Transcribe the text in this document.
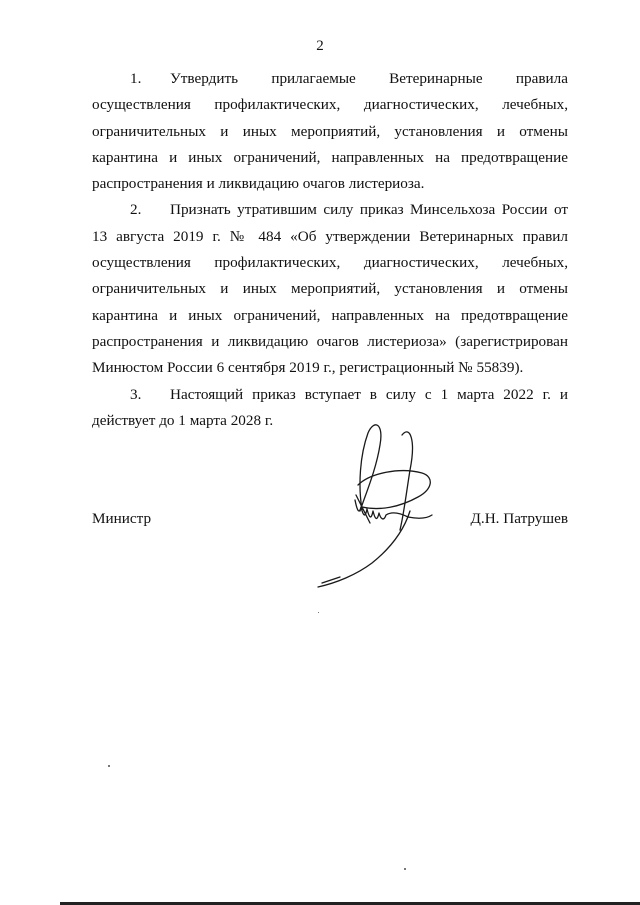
2

1. Утвердить прилагаемые Ветеринарные правила осуществления профилактических, диагностических, лечебных, ограничительных и иных мероприятий, установления и отмены карантина и иных ограничений, направленных на предотвращение распространения и ликвидацию очагов листериоза.

2. Признать утратившим силу приказ Минсельхоза России от 13 августа 2019 г. № 484 «Об утверждении Ветеринарных правил осуществления профилактических, диагностических, лечебных, ограничительных и иных мероприятий, установления и отмены карантина и иных ограничений, направленных на предотвращение распространения и ликвидацию очагов листериоза» (зарегистрирован Минюстом России 6 сентября 2019 г., регистрационный № 55839).

3. Настоящий приказ вступает в силу с 1 марта 2022 г. и действует до 1 марта 2028 г.

Министр	Д.Н. Патрушев
